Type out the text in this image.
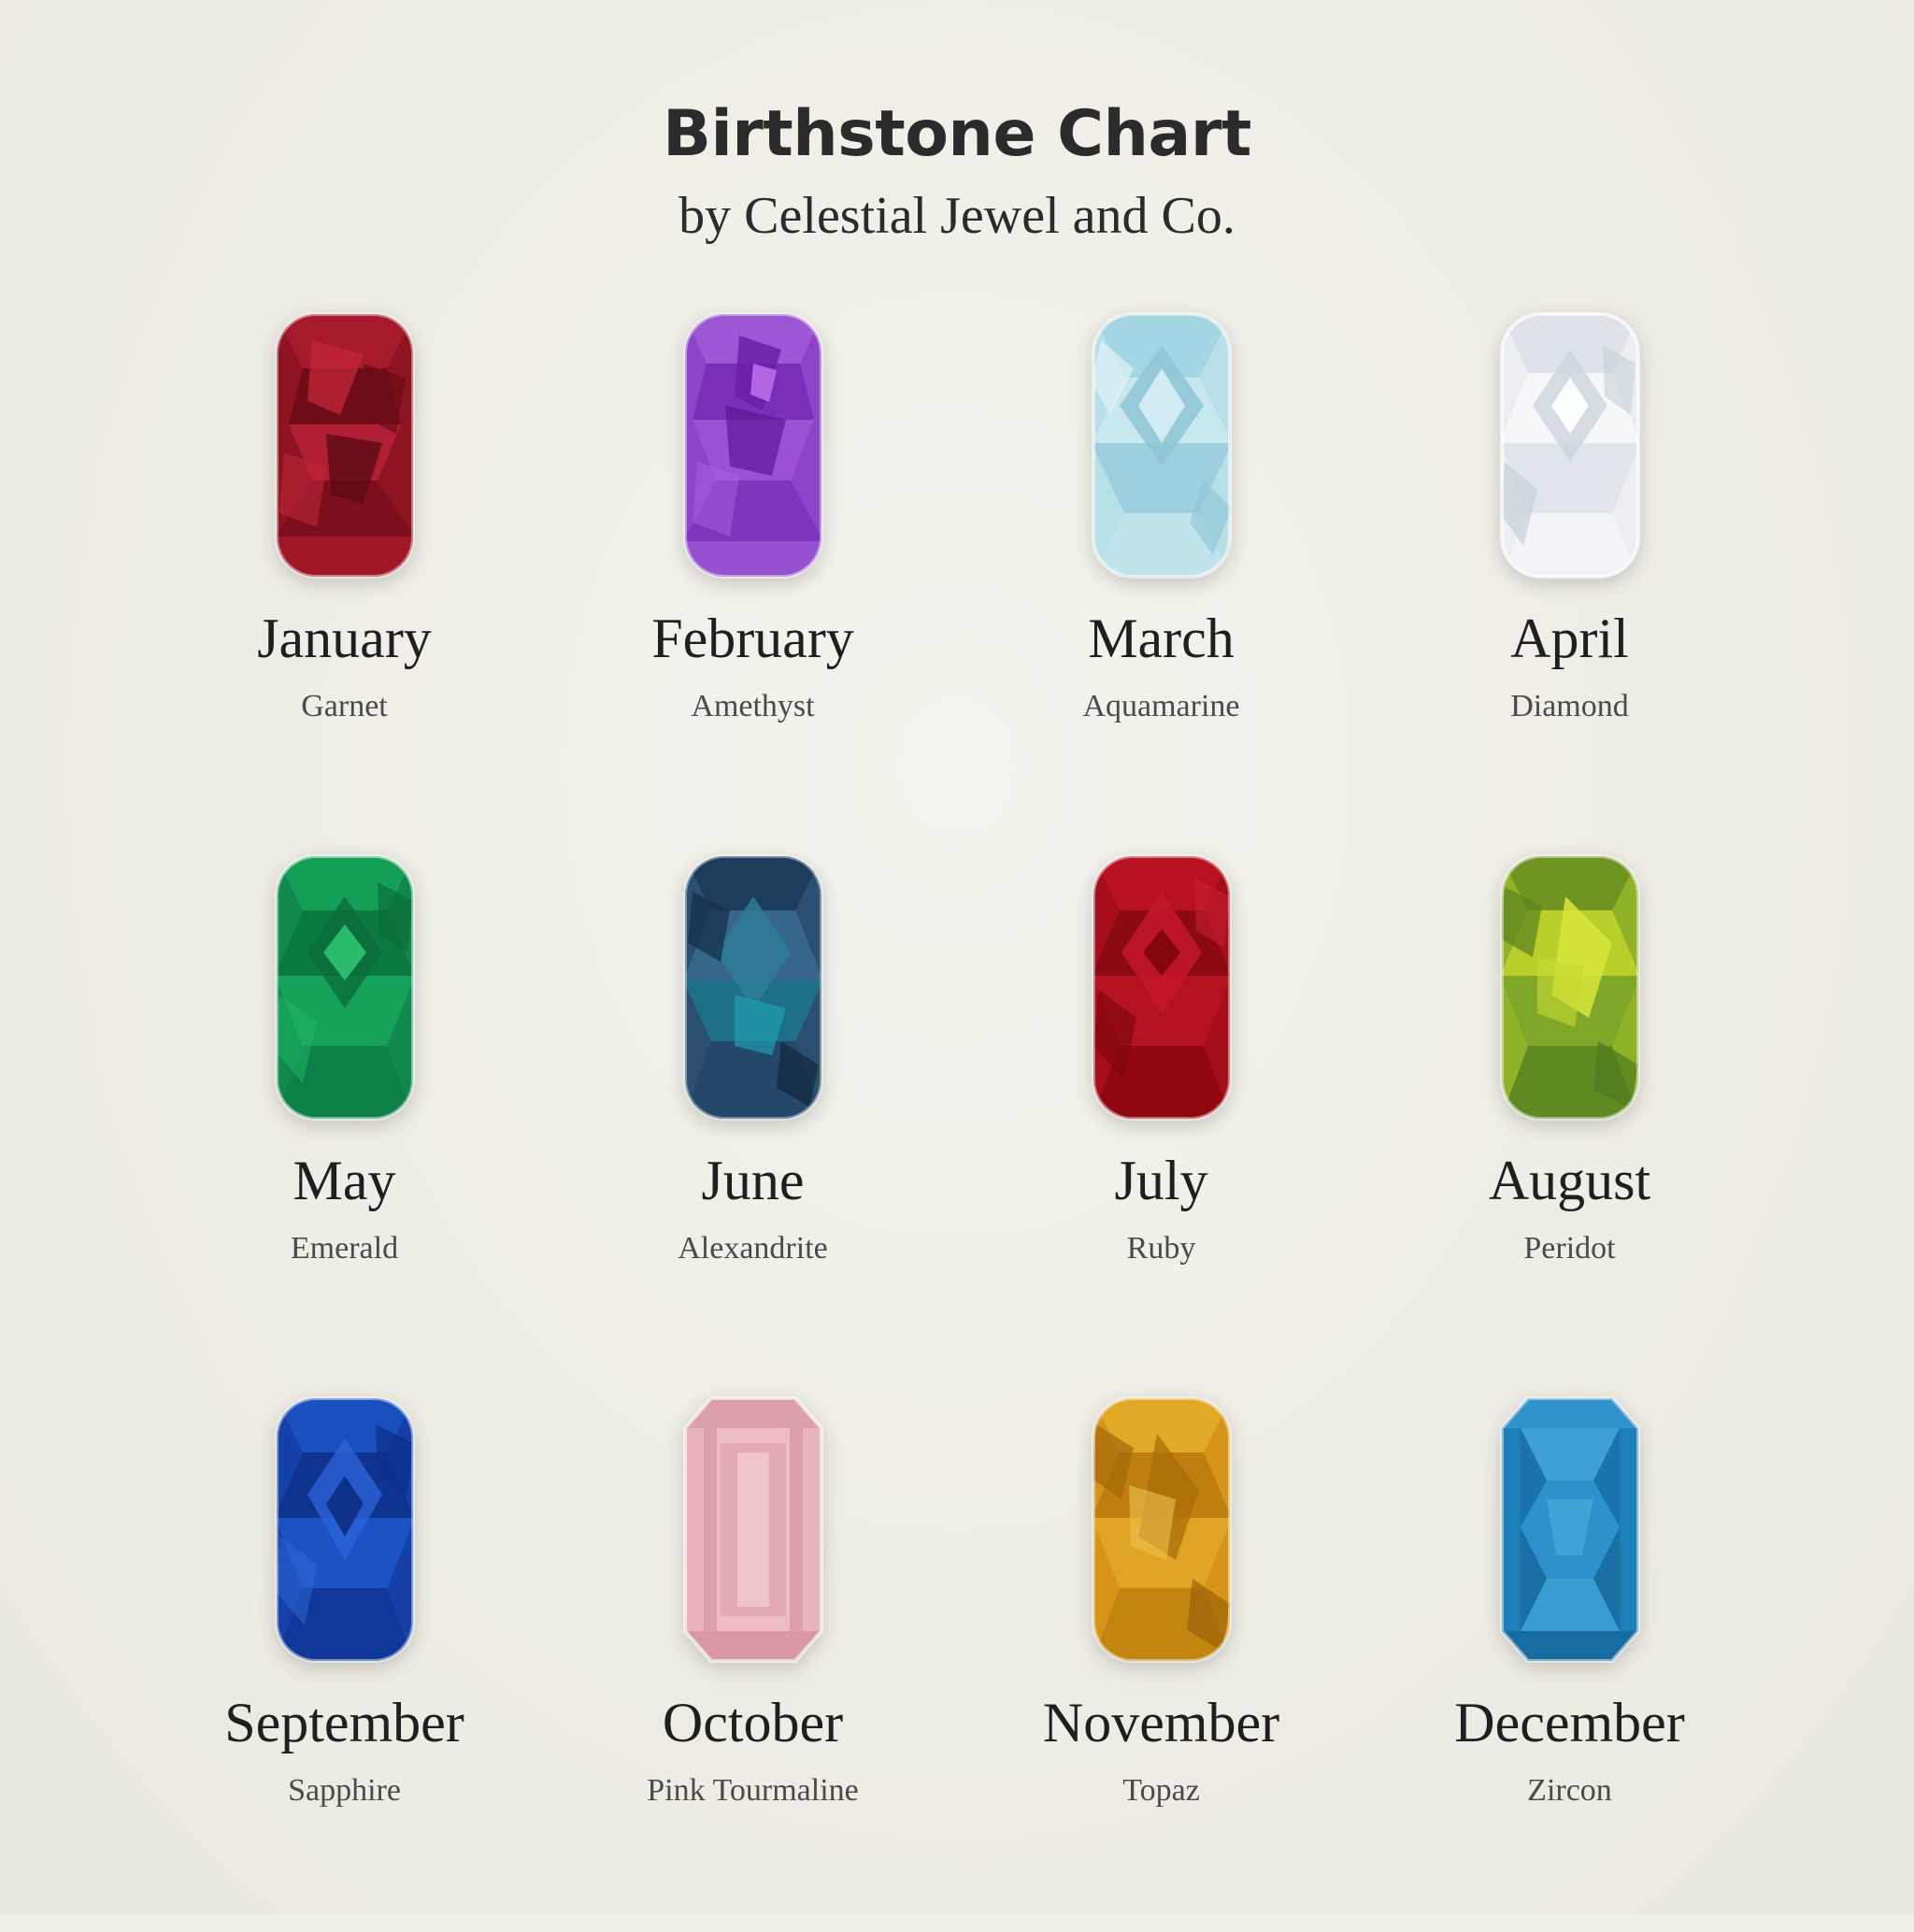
Birthstone Chart

by Celestial Jewel and Co.

January
Garnet
February
Amethyst
March
Aquamarine
April
Diamond
May
Emerald
June
Alexandrite
July
Ruby
August
Peridot
September
Sapphire
October
Pink Tourmaline
November
Topaz
December
Zircon
